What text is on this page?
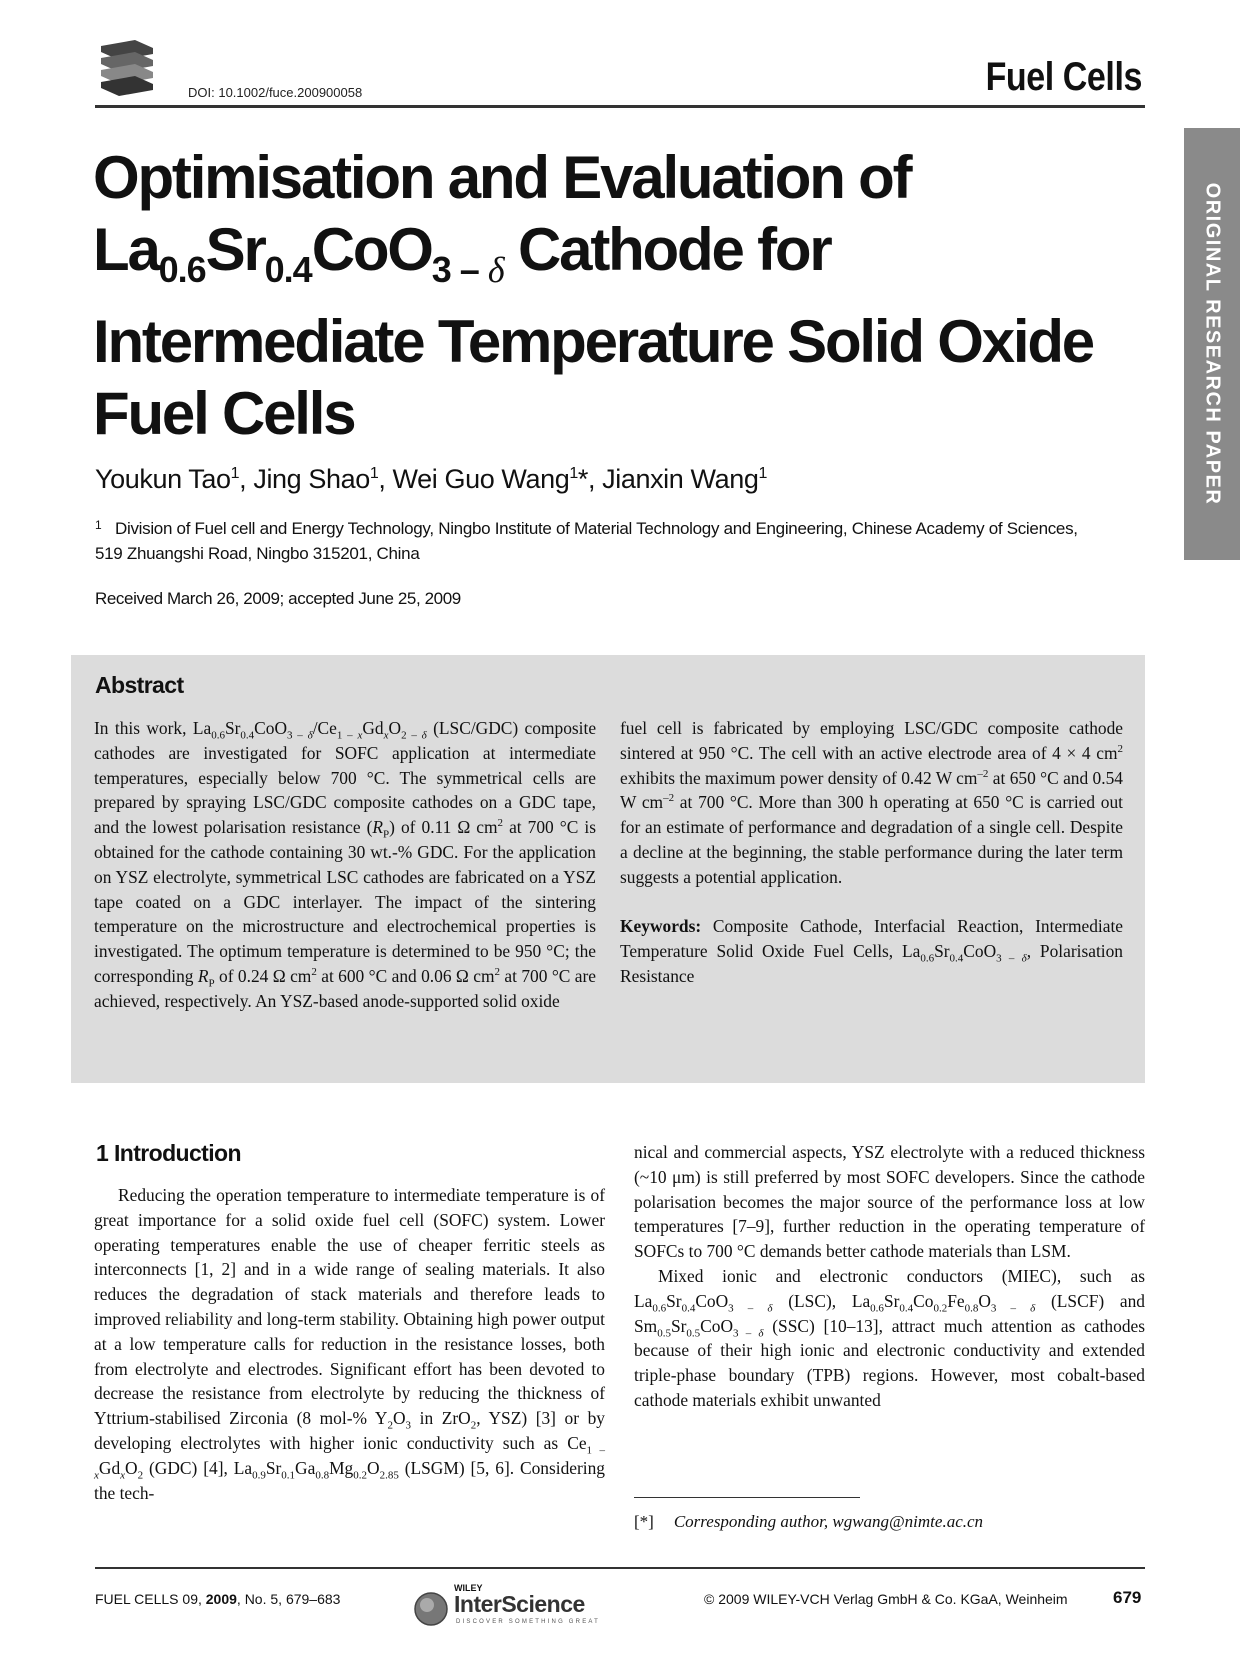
DOI: 10.1002/fuce.200900058	Fuel Cells
ORIGINAL RESEARCH PAPER
Optimisation and Evaluation of
$La_{0.6}Sr_{0.4}CoO_{3 - \delta}$ Cathode for
Intermediate Temperature Solid Oxide
Fuel Cells
Youkun Tao$^1$, Jing Shao$^1$, Wei Guo Wang$^1$*, Jianxin Wang$^1$
1 Division of Fuel cell and Energy Technology, Ningbo Institute of Material Technology and Engineering, Chinese Academy of Sciences,
519 Zhuangshi Road, Ningbo 315201, China
Received March 26, 2009; accepted June 25, 2009
Abstract

In this work, $La_{0.6}Sr_{0.4}CoO_{3 - \delta}/Ce_{1 - x}Gd_xO_{2 - \delta}$ (LSC/GDC) composite cathodes are investigated for SOFC application at intermediate temperatures, especially below 700 °C. The symmetrical cells are prepared by spraying LSC/GDC composite cathodes on a GDC tape, and the lowest polarisation resistance $(R_P)$ of 0.11 Ω $cm^2$ at 700 °C is obtained for the cathode containing 30 wt.-% GDC. For the application on YSZ electrolyte, symmetrical LSC cathodes are fabricated on a YSZ tape coated on a GDC interlayer. The impact of the sintering temperature on the microstructure and electrochemical properties is investigated. The optimum temperature is determined to be 950 °C; the corresponding $R_P$ of 0.24 Ω $cm^2$ at 600 °C and 0.06 Ω $cm^2$ at 700 °C are achieved, respectively. An YSZ-based anode-supported solid oxide

fuel cell is fabricated by employing LSC/GDC composite cathode sintered at 950 °C. The cell with an active electrode area of 4 × 4 $cm^2$ exhibits the maximum power density of 0.42 W $cm^{-2}$ at 650 °C and 0.54 W $cm^{-2}$ at 700 °C. More than 300 h operating at 650 °C is carried out for an estimate of performance and degradation of a single cell. Despite a decline at the beginning, the stable performance during the later term suggests a potential application.

Keywords: Composite Cathode, Interfacial Reaction, Intermediate Temperature Solid Oxide Fuel Cells, $La_{0.6}Sr_{0.4}CoO_{3 - \delta}$, Polarisation Resistance

1 Introduction

Reducing the operation temperature to intermediate temperature is of great importance for a solid oxide fuel cell (SOFC) system. Lower operating temperatures enable the use of cheaper ferritic steels as interconnects [1, 2] and in a wide range of sealing materials. It also reduces the degradation of stack materials and therefore leads to improved reliability and long-term stability. Obtaining high power output at a low temperature calls for reduction in the resistance losses, both from electrolyte and electrodes. Significant effort has been devoted to decrease the resistance from electrolyte by reducing the thickness of Yttrium-stabilised Zirconia (8 mol-% $Y_2O_3$ in ZrO$_2$, YSZ) [3] or by developing electrolytes with higher ionic conductivity such as $Ce_{1 - x}Gd_xO_2$ (GDC) [4], $La_{0.9}Sr_{0.1}Ga_{0.8}Mg_{0.2}O_{2.85}$ (LSGM) [5, 6]. Considering the tech-

nical and commercial aspects, YSZ electrolyte with a reduced thickness (~10 μm) is still preferred by most SOFC developers. Since the cathode polarisation becomes the major source of the performance loss at low temperatures [7–9], further reduction in the operating temperature of SOFCs to 700 °C demands better cathode materials than LSM.

Mixed ionic and electronic conductors (MIEC), such as $La_{0.6}Sr_{0.4}CoO_{3 - \delta}$ (LSC), $La_{0.6}Sr_{0.4}Co_{0.2}Fe_{0.8}O_{3 - \delta}$ (LSCF) and $Sm_{0.5}Sr_{0.5}CoO_{3 - \delta}$ (SSC) [10–13], attract much attention as cathodes because of their high ionic and electronic conductivity and extended triple-phase boundary (TPB) regions. However, most cobalt-based cathode materials exhibit unwanted

[*] Corresponding author, wgwang@nimte.ac.cn
FUEL CELLS 09, 2009, No. 5, 679–683
WILEY
InterScience
DISCOVER SOMETHING GREAT
© 2009 WILEY-VCH Verlag GmbH & Co. KGaA, Weinheim	679
